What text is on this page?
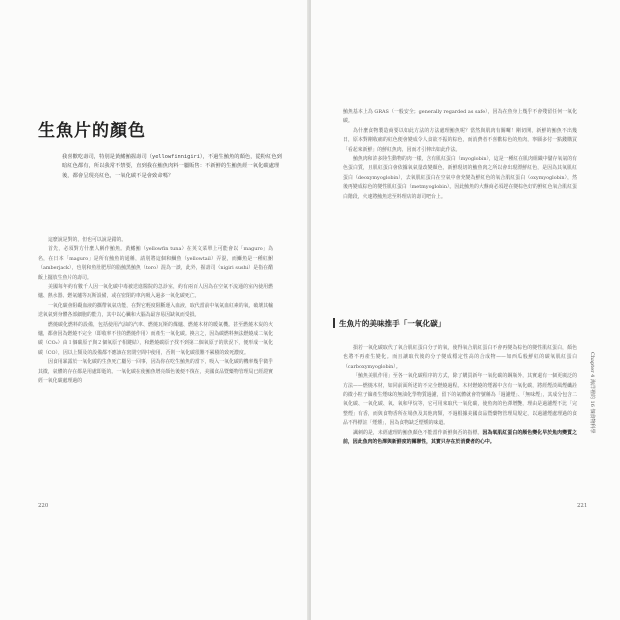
生魚片的顏色
我喜歡吃壽司，特別是黃鰭鮪握壽司（yellowfinnigiri），不過生鮪魚的顏色，從粉紅色到暗紅色都有，所以我常不禁要，直到我在鮪魚肉料一屬販售：不新鮮的生鮪魚經一氧化碳處理後，都會呈現亮紅色，一氧化碳不是會致命嗎？

這麼說是對的，但也可以說是錯的。

首先，必須對方什麼人稱作鮪魚。黃鰭鮪（yellowfin tuna）在英文菜單上可能會以「maguro」為名，在日本「maguro」是所有鮪魚的通稱，請別將這個和鰤魚（yellowtail）弄混，而鰤魚是一種紅鮒（amberjack），也別和魚肚肥厚的脂鮪黑鮪魚（toro）混為一談，此外，握壽司（nigiri sushi）是指在醋飯上擺放生魚片的壽司。

美國每年約有數千人因一氧化碳中毒被送進醫院的急診室，約有兩百人因為在空氣不流通的室內使用燃爐、熱水器、燃氣爐等瓦斯設備，或在密閉的車內吸入過多一氧化碳死亡。

一氧化碳會阻礙血液的攜帶氧氣功能，在對它輕度阻斷運入血液，取代當前中氧氣血紅素的氧，破壞其輸送氧氣到身體各部細胞的能力，其中以心臟和大腦為最容易因缺氧而受損。

燃燒碳化燃料的設備，包括使用汽油的汽車、燃燒瓦斯的煤爐、燃燒木材的暖氣機。甚至燃燒木炭的火爐，都會因為燃燒不完全（即收率不佳的燃燒作用）而產生一氧化碳。換言之，因為碳燃料無法燃燒成二氧化碳（CO₂）由１個碳原子與２個氧原子相鍵結），和燃燒碳原子找不到第二個氧原子的狀況下，便形成一氧化碳（CO），因以上類及的設備都不應該在密閉空間中使用，否則一氧化碳很難不累積的致死濃度。

因食用暴露於一氧化碳的生魚死亡屬另一回事，因為你在吃生鮪魚的當下，吸入一氧化碳的機率幾乎微乎其微，氣體的存在都是用處即逝的。一氧化碳在使鮪魚增亮顏色後便不復在，美國食品暨藥物管理局已經證實經一氧化碳處理過的

220

鮪魚基本上為 GRAS（一般安全；generally regarded as safe），因為在魚身上幾乎不會殘留任何一氧化碳。

為什麼食物製造商要以如此方法的方法處理鮪魚呢？當然與肌肉有關囉！剛切開，新鮮的鮪魚不出幾日，原本對剛收痛的紅色便會變成令人食欲不振的棕色，而消費者不喜歡棕色的魚肉，寧願多付一點錢購買「看起來新鮮」的鮮紅魚肉，因而才引伸出如此作法。

鮪魚肉和許多陸生動物的肉一樣，含有肌紅蛋白（myoglobin），這是一種紅在肌肉組織中儲存氧氣的有色蛋白質，且肌紅蛋白會依據氧氣量改變顏色，新鮮現切的鮪魚肉之所以會出現漂鮮紅色，是因為其氧肌紅蛋白（deoxymyoglobin），去氧肌紅蛋白在空氣中會充變為鮮紅色的氧合肌紅蛋白（oxymyoglobin），然後再變成棕色的變性肌紅蛋白（metmyoglobin）。因此鮪魚的大盤商必須趕在變棕色好的鮮紅色氧合肌紅蛋白階段，火速將鮪魚送至料理店的壽司吧台上。

生魚片的美味推手「一氧化碳」

損若一氧化碳取代了氧合肌紅蛋白分子的氧，使得氧合肌紅蛋白不會再變為棕色的變性肌紅蛋白，顏色也將不再產生變化。而且讓取代後的分子變成穩定性高的合成物——如西瓜般鮮紅的碳氧肌紅蛋白（carboxymyoglobin）。

「鮪魚美肌作用」至各一氧化碳程序的方式，除了購買新年一氧化碳的鋼瓶外，其實還有一個更廣泛的方法——燃燒木材，如同前面所述的不完全燃燒過程。木材燃燒的煙霧中含有一氧化碳，將經煙淡風煙纖詮的微小粒子篩產生煙味的無油化學物質過濾，留下的氣體就會符號稱為「過濾煙」、「無味煙」，其成分包含二氧化碳、一氧化碳、氧、氧和甲烷等，它可用來取代一氧化碳，使魚肉的色澤增艷，理由是過濾煙不比「完整煙」有香，而與食物香所在場魚及其他肉類，不過根據美國食品暨藥物管理局規定，以過濾煙處理過的食品不得標註「煙燻」，因為食物缺乏煙燻的味道。

諷刺的是，未經處理的鮪魚顏色不能當作新鮮與否的指標。因為氧肌紅蛋白的顏色變化早於魚肉變質之前，因此魚肉的色澤與新鮮度的關聯性，其實只存在於消費者的心中。

Chapter 4 海洋裡的 16 個食物科學
221
